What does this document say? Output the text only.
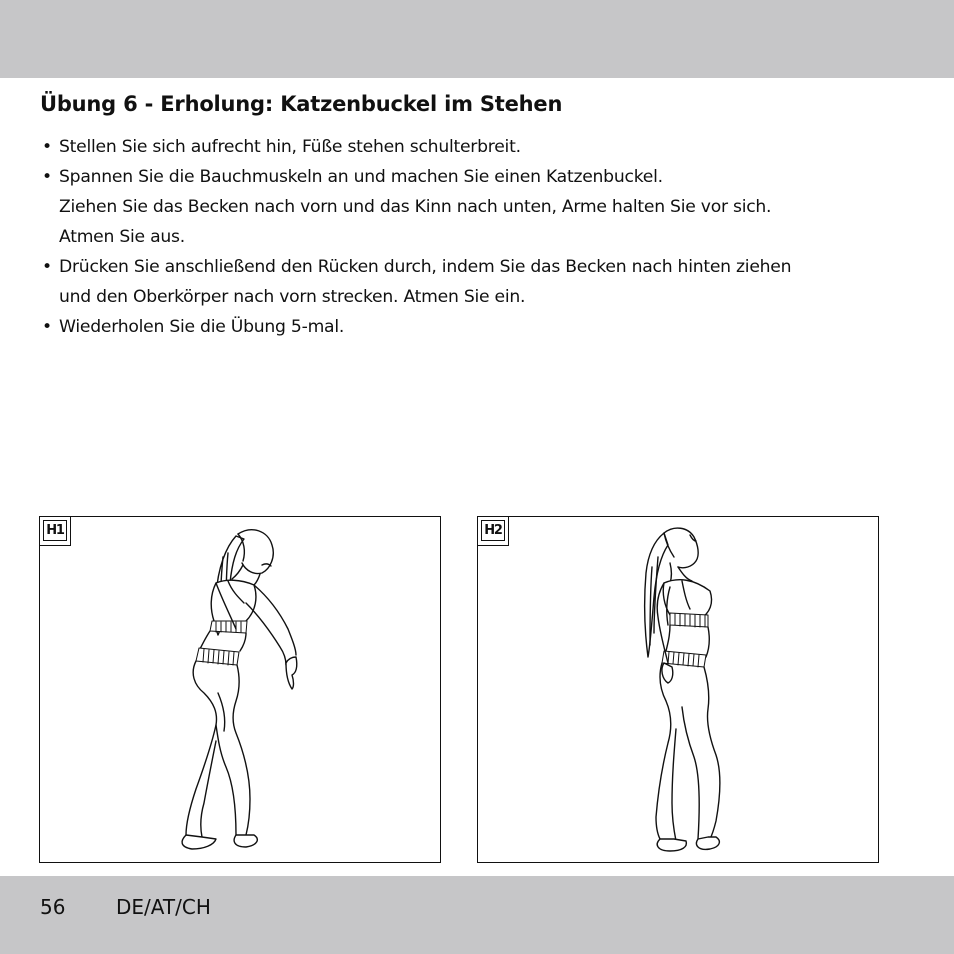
Übung 6 - Erholung: Katzenbuckel im Stehen
• Stellen Sie sich aufrecht hin, Füße stehen schulterbreit.
• Spannen Sie die Bauchmuskeln an und machen Sie einen Katzenbuckel.
Ziehen Sie das Becken nach vorn und das Kinn nach unten, Arme halten Sie vor sich.
Atmen Sie aus.
• Drücken Sie anschließend den Rücken durch, indem Sie das Becken nach hinten ziehen
und den Oberkörper nach vorn strecken. Atmen Sie ein.
• Wiederholen Sie die Übung 5-mal.
H1	H2
56	DE/AT/CH
